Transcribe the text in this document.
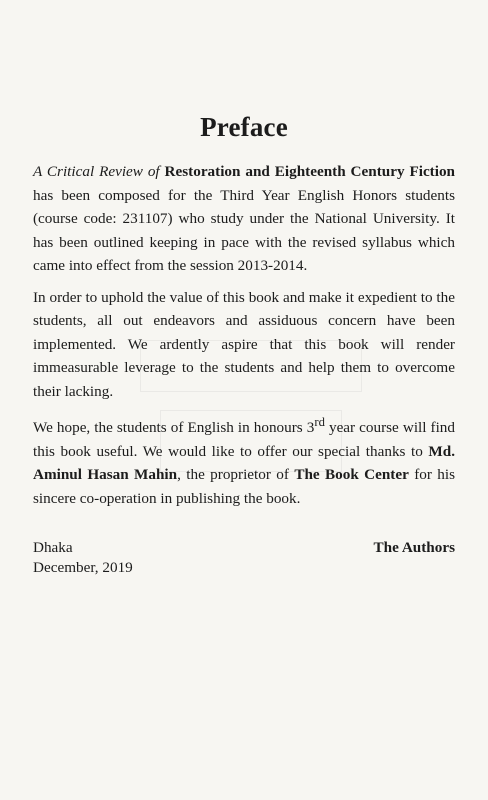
Preface

A Critical Review of Restoration and Eighteenth Century Fiction has been composed for the Third Year English Honors students (course code: 231107) who study under the National University. It has been outlined keeping in pace with the revised syllabus which came into effect from the session 2013-2014.

In order to uphold the value of this book and make it expedient to the students, all out endeavors and assiduous concern have been implemented. We ardently aspire that this book will render immeasurable leverage to the students and help them to overcome their lacking.

We hope, the students of English in honours 3rd year course will find this book useful. We would like to offer our special thanks to Md. Aminul Hasan Mahin, the proprietor of The Book Center for his sincere co-operation in publishing the book.

Dhaka
December, 2019
The Authors
